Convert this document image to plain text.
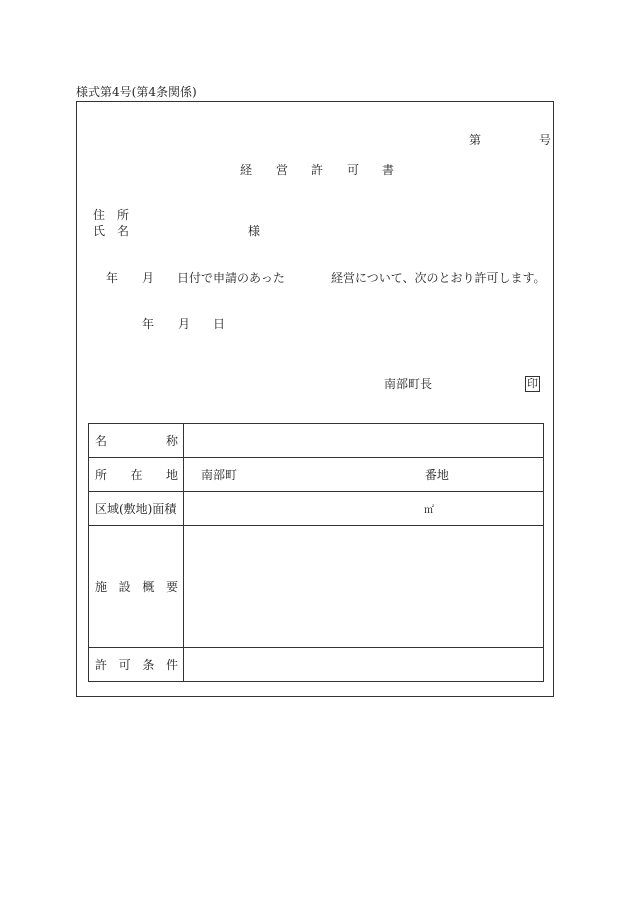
様式第4号(第4条関係)
第	号
経 営 許 可 書
住 所
氏 名	様
年 月 日付で申請のあった	経営について、次のとおり許可します。
年 月 日
南部町長	印
名 称	

所 在 地	南部町 番地

区域(敷地)面積	㎡

施 設 概 要	

許 可 条 件	
